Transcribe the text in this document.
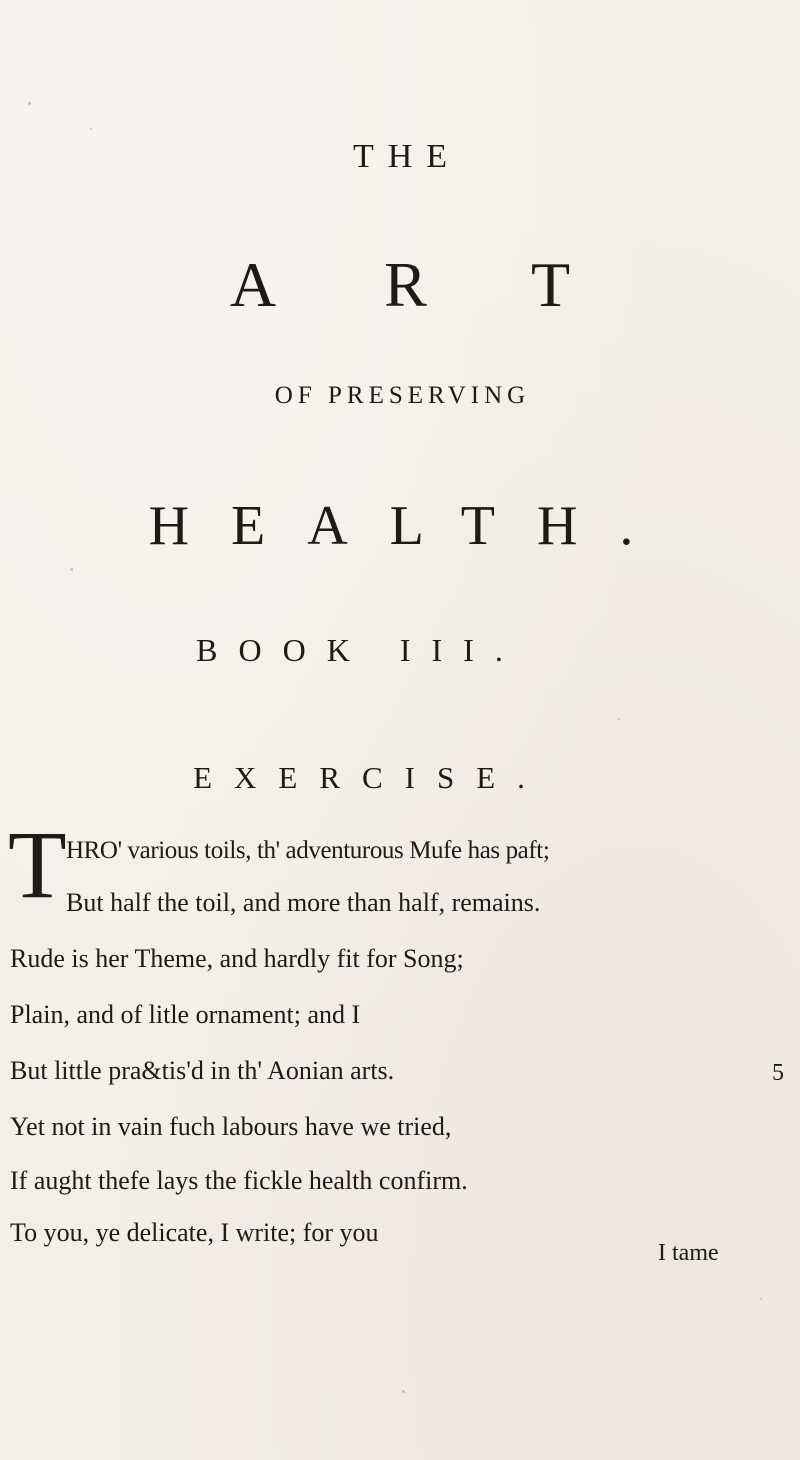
THE
ART
OF PRESERVING
HEALTH.
BOOK III.
EXERCISE.
T HRO' various toils, th' adventurous Mufe has paft;
But half the toil, and more than half, remains.
Rude is her Theme, and hardly fit for Song;
Plain, and of litle ornament; and I
But little pra&tis'd in th' Aonian arts.
Yet not in vain fuch labours have we tried,
If aught thefe lays the fickle health confirm.
To you, ye delicate, I write; for you
5
I tame
